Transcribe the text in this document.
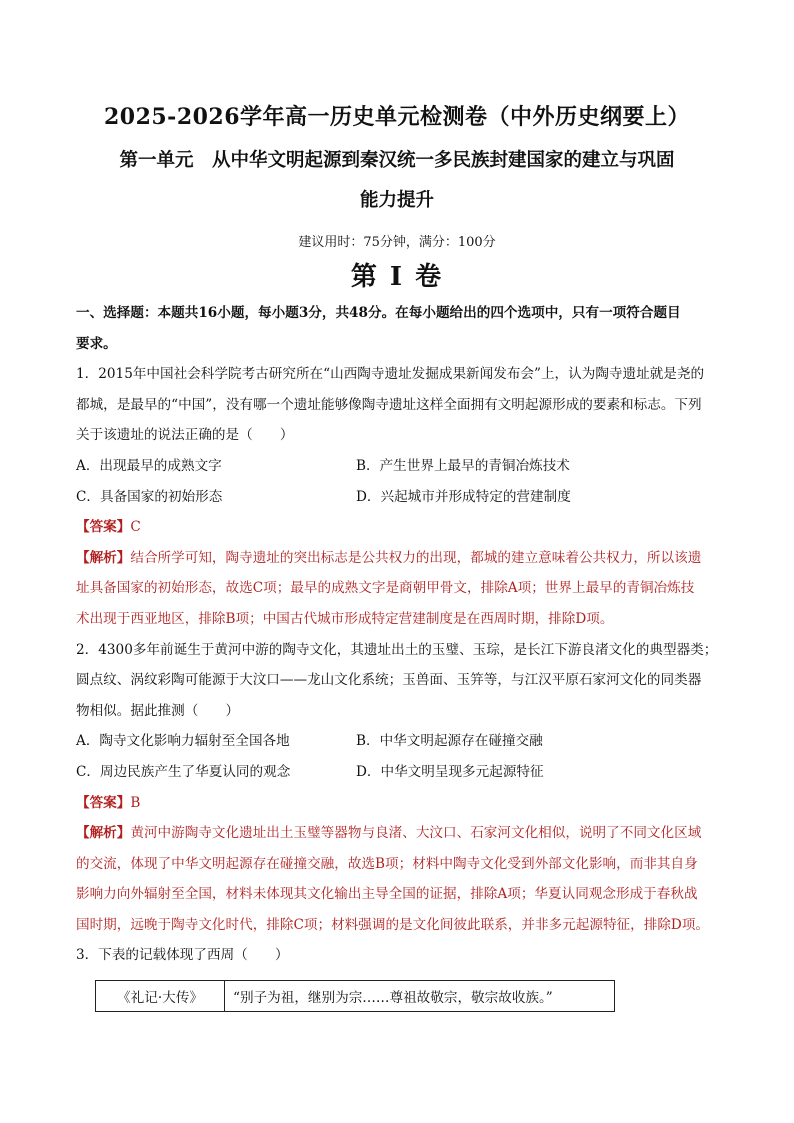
2025-2026学年高一历史单元检测卷（中外历史纲要上）
第一单元　从中华文明起源到秦汉统一多民族封建国家的建立与巩固
能力提升
建议用时：75分钟，满分：100分
第 I 卷
一、选择题：本题共16小题，每小题3分，共48分。在每小题给出的四个选项中，只有一项符合题目
要求。
1．2015年中国社会科学院考古研究所在“山西陶寺遗址发掘成果新闻发布会”上，认为陶寺遗址就是尧的
都城，是最早的“中国”，没有哪一个遗址能够像陶寺遗址这样全面拥有文明起源形成的要素和标志。下列
关于该遗址的说法正确的是（　　）
A．出现最早的成熟文字	B．产生世界上最早的青铜冶炼技术
C．具备国家的初始形态	D．兴起城市并形成特定的营建制度
【答案】C
【解析】结合所学可知，陶寺遗址的突出标志是公共权力的出现，都城的建立意味着公共权力，所以该遗
址具备国家的初始形态，故选C项；最早的成熟文字是商朝甲骨文，排除A项；世界上最早的青铜冶炼技
术出现于西亚地区，排除B项；中国古代城市形成特定营建制度是在西周时期，排除D项。
2．4300多年前诞生于黄河中游的陶寺文化，其遗址出土的玉璧、玉琮，是长江下游良渚文化的典型器类；
圆点纹、涡纹彩陶可能源于大汶口——龙山文化系统；玉兽面、玉笄等，与江汉平原石家河文化的同类器
物相似。据此推测（　　）
A．陶寺文化影响力辐射至全国各地	B．中华文明起源存在碰撞交融
C．周边民族产生了华夏认同的观念	D．中华文明呈现多元起源特征
【答案】B
【解析】黄河中游陶寺文化遗址出土玉璧等器物与良渚、大汶口、石家河文化相似，说明了不同文化区域
的交流，体现了中华文明起源存在碰撞交融，故选B项；材料中陶寺文化受到外部文化影响，而非其自身
影响力向外辐射至全国，材料未体现其文化输出主导全国的证据，排除A项；华夏认同观念形成于春秋战
国时期，远晚于陶寺文化时代，排除C项；材料强调的是文化间彼此联系，并非多元起源特征，排除D项。
3．下表的记载体现了西周（　　）
《礼记·大传》	“别子为祖，继别为宗……尊祖故敬宗，敬宗故收族。”
